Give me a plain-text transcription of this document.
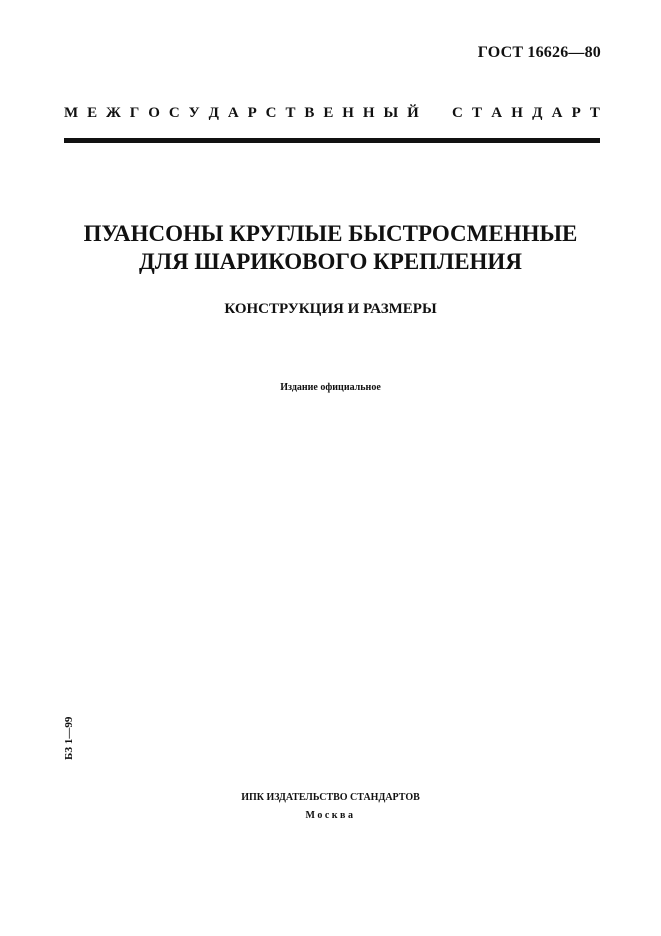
ГОСТ 16626—80
М Е Ж Г О С У Д А Р С Т В Е Н Н Ы Й С Т А Н Д А Р Т
ПУАНСОНЫ КРУГЛЫЕ БЫСТРОСМЕННЫЕ
ДЛЯ ШАРИКОВОГО КРЕПЛЕНИЯ
КОНСТРУКЦИЯ И РАЗМЕРЫ
Издание официальное
БЗ 1—99
ИПК ИЗДАТЕЛЬСТВО СТАНДАРТОВ
Москва
